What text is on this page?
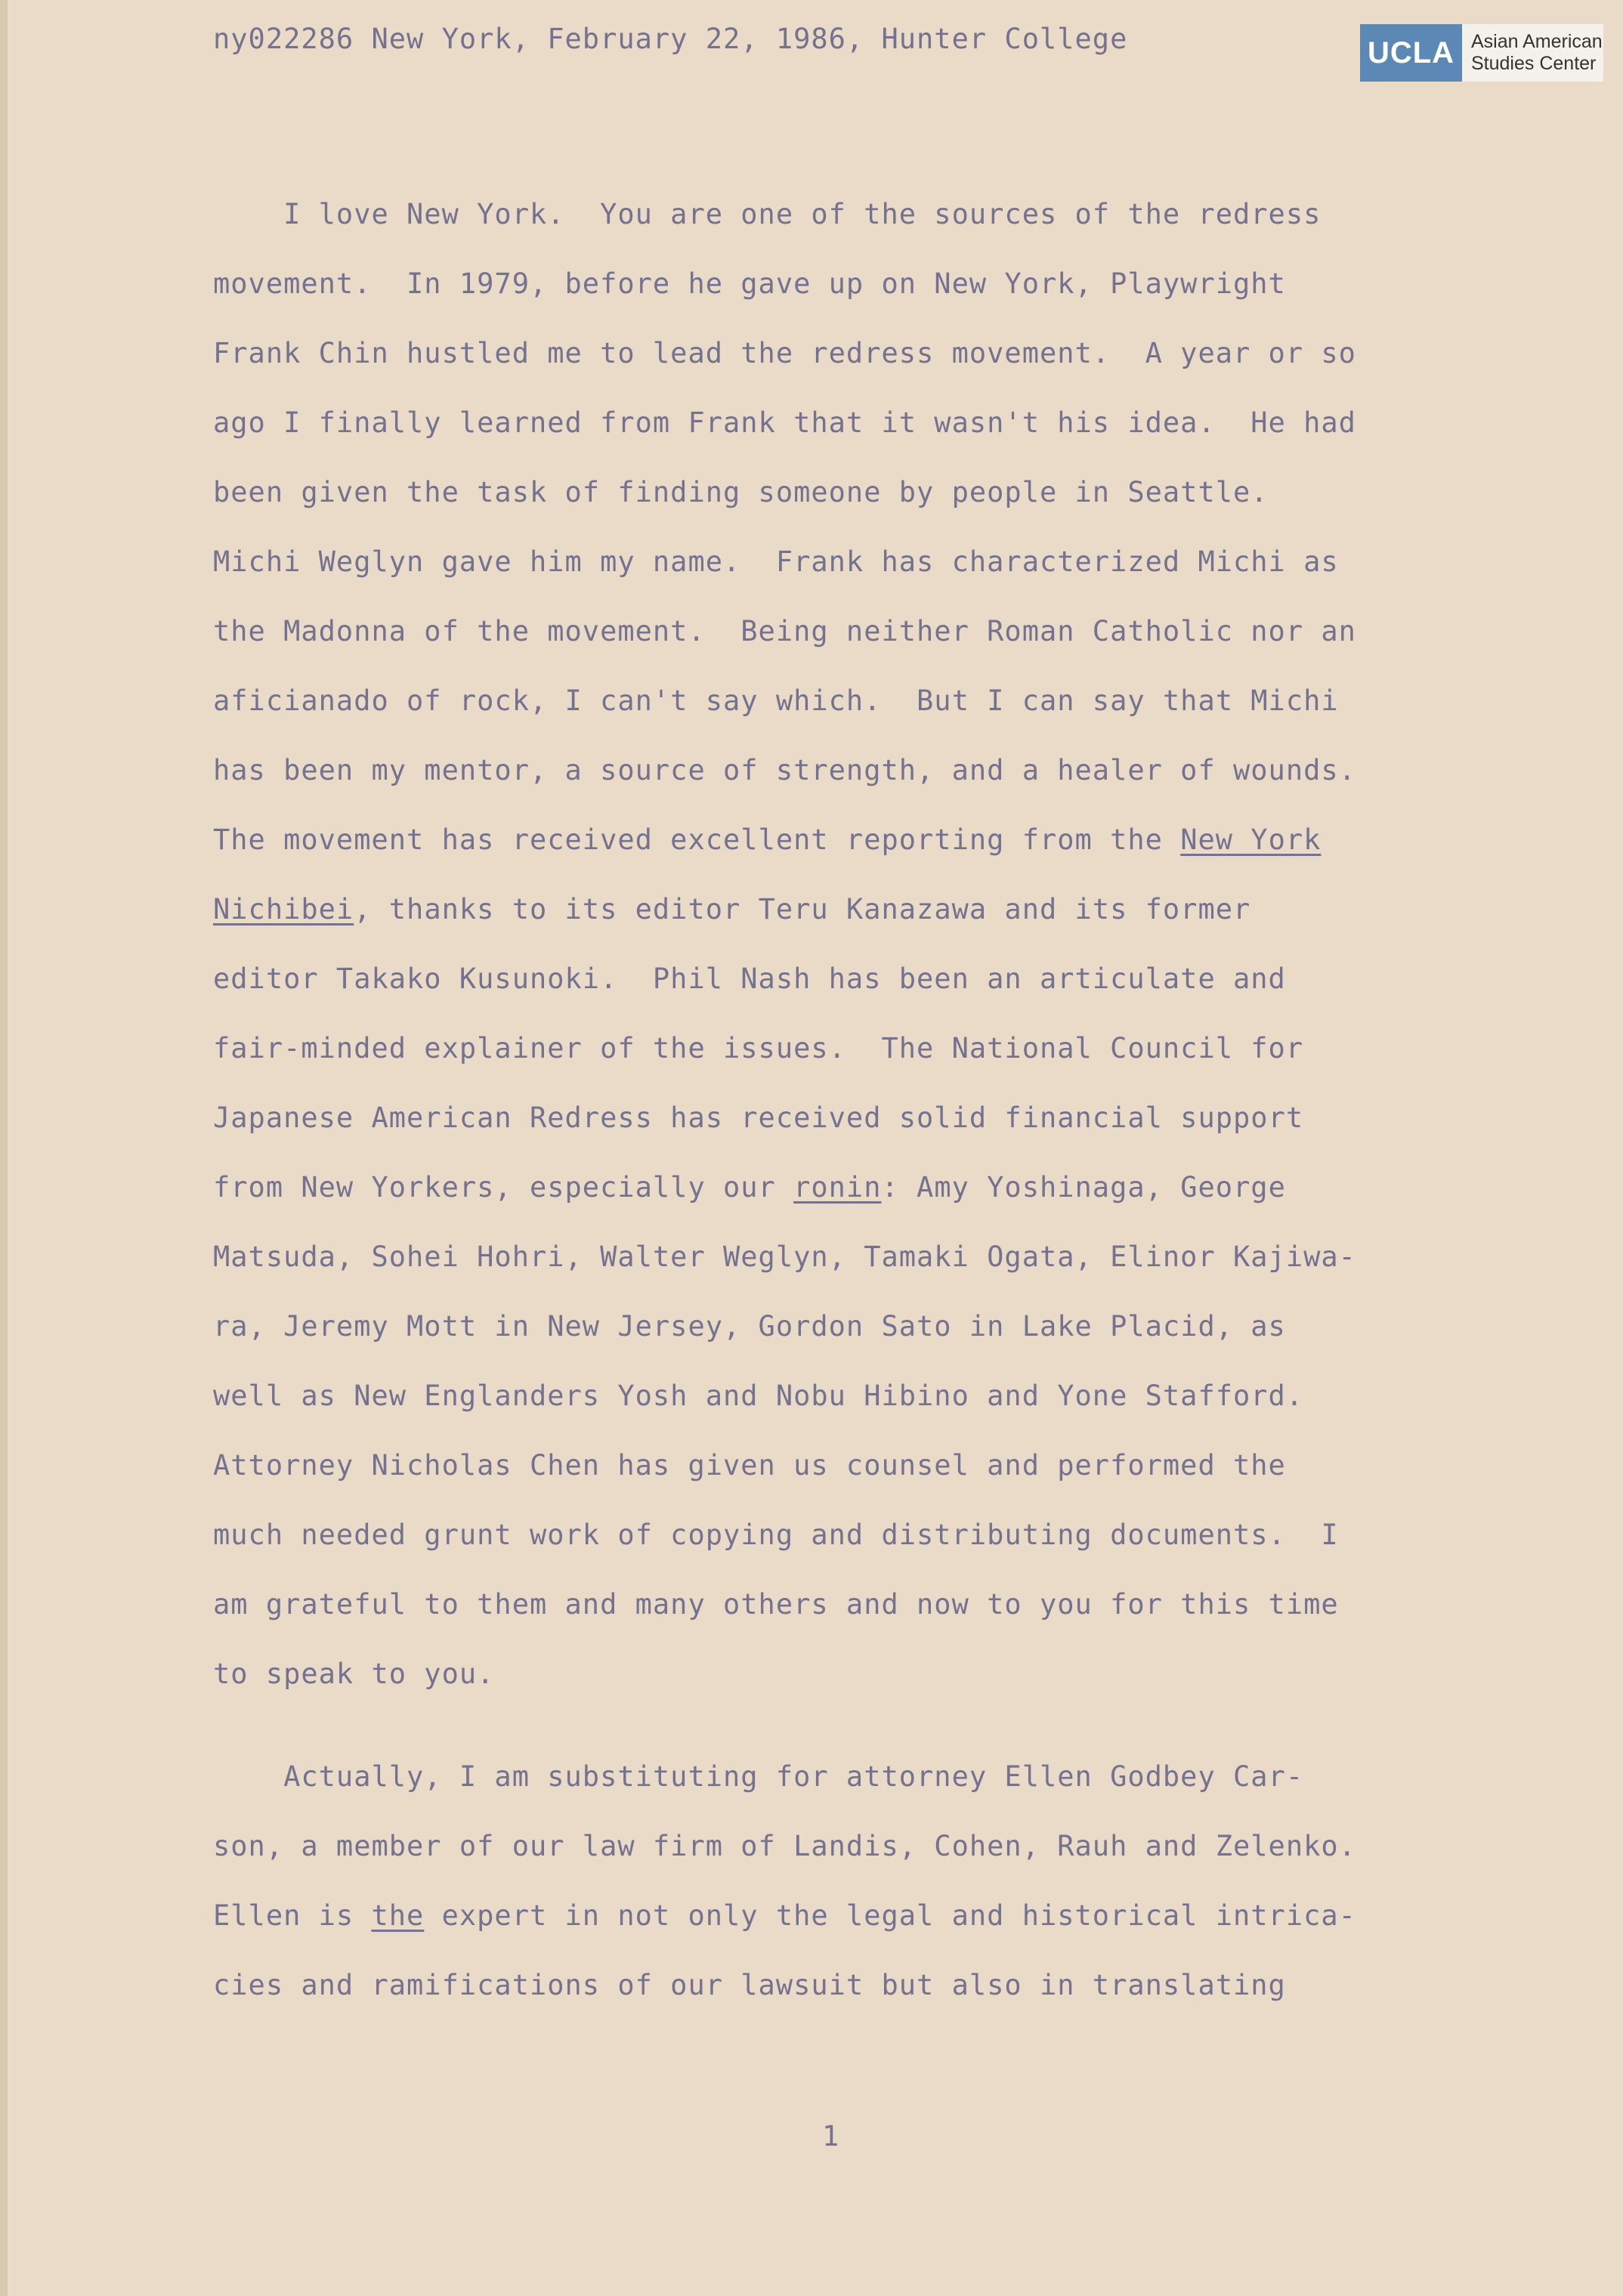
ny022286 New York, February 22, 1986, Hunter College	UCLA Asian American
Studies Center
I love New York.  You are one of the sources of the redress
movement.  In 1979, before he gave up on New York, Playwright
Frank Chin hustled me to lead the redress movement.  A year or so
ago I finally learned from Frank that it wasn't his idea.  He had
been given the task of finding someone by people in Seattle.
Michi Weglyn gave him my name.  Frank has characterized Michi as
the Madonna of the movement.  Being neither Roman Catholic nor an
aficianado of rock, I can't say which.  But I can say that Michi
has been my mentor, a source of strength, and a healer of wounds.
The movement has received excellent reporting from the New York
Nichibei, thanks to its editor Teru Kanazawa and its former
editor Takako Kusunoki.  Phil Nash has been an articulate and
fair-minded explainer of the issues.  The National Council for
Japanese American Redress has received solid financial support
from New Yorkers, especially our ronin: Amy Yoshinaga, George
Matsuda, Sohei Hohri, Walter Weglyn, Tamaki Ogata, Elinor Kajiwa-
ra, Jeremy Mott in New Jersey, Gordon Sato in Lake Placid, as
well as New Englanders Yosh and Nobu Hibino and Yone Stafford.
Attorney Nicholas Chen has given us counsel and performed the
much needed grunt work of copying and distributing documents.  I
am grateful to them and many others and now to you for this time
to speak to you.
Actually, I am substituting for attorney Ellen Godbey Car-
son, a member of our law firm of Landis, Cohen, Rauh and Zelenko.
Ellen is the expert in not only the legal and historical intrica-
cies and ramifications of our lawsuit but also in translating
1
